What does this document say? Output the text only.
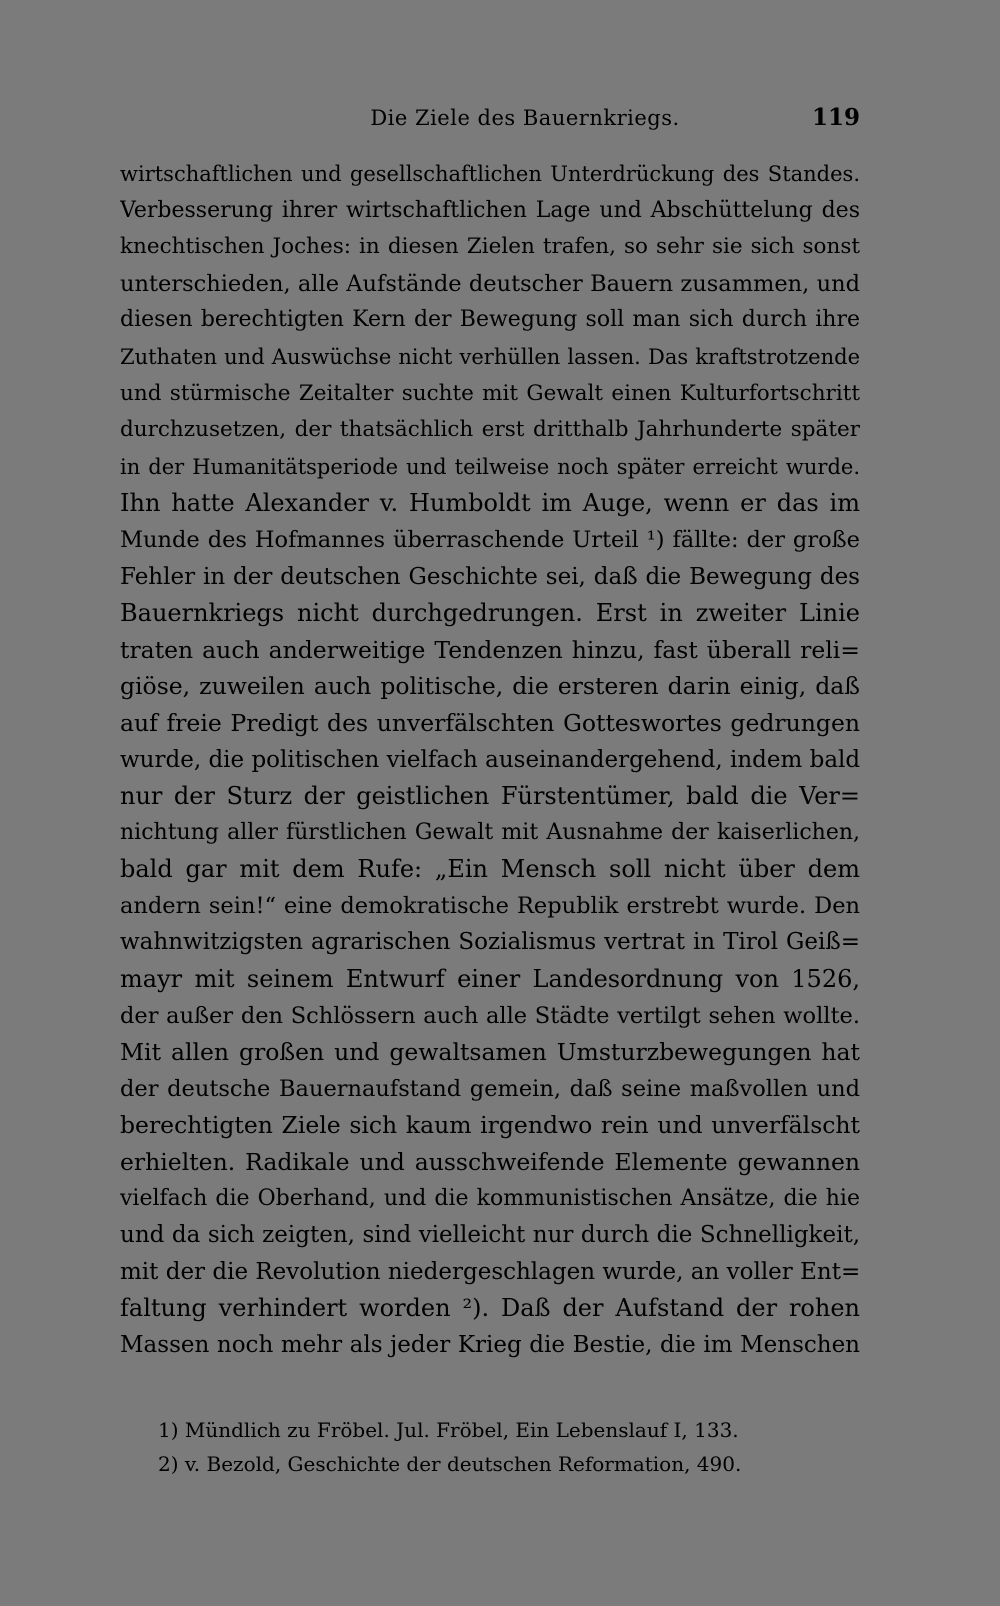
Die Ziele des Bauernkriegs.	119
wirtschaftlichen und gesellschaftlichen Unterdrückung des Standes.
Verbesserung ihrer wirtschaftlichen Lage und Abschüttelung des
knechtischen Joches: in diesen Zielen trafen, so sehr sie sich sonst
unterschieden, alle Aufstände deutscher Bauern zusammen, und
diesen berechtigten Kern der Bewegung soll man sich durch ihre
Zuthaten und Auswüchse nicht verhüllen lassen. Das kraftstrotzende
und stürmische Zeitalter suchte mit Gewalt einen Kulturfortschritt
durchzusetzen, der thatsächlich erst dritthalb Jahrhunderte später
in der Humanitätsperiode und teilweise noch später erreicht wurde.
Ihn hatte Alexander v. Humboldt im Auge, wenn er das im
Munde des Hofmannes überraschende Urteil ¹) fällte: der große
Fehler in der deutschen Geschichte sei, daß die Bewegung des
Bauernkriegs nicht durchgedrungen. Erst in zweiter Linie
traten auch anderweitige Tendenzen hinzu, fast überall reli=
giöse, zuweilen auch politische, die ersteren darin einig, daß
auf freie Predigt des unverfälschten Gotteswortes gedrungen
wurde, die politischen vielfach auseinandergehend, indem bald
nur der Sturz der geistlichen Fürstentümer, bald die Ver=
nichtung aller fürstlichen Gewalt mit Ausnahme der kaiserlichen,
bald gar mit dem Rufe: „Ein Mensch soll nicht über dem
andern sein!“ eine demokratische Republik erstrebt wurde. Den
wahnwitzigsten agrarischen Sozialismus vertrat in Tirol Geiß=
mayr mit seinem Entwurf einer Landesordnung von 1526,
der außer den Schlössern auch alle Städte vertilgt sehen wollte.
Mit allen großen und gewaltsamen Umsturzbewegungen hat
der deutsche Bauernaufstand gemein, daß seine maßvollen und
berechtigten Ziele sich kaum irgendwo rein und unverfälscht
erhielten. Radikale und ausschweifende Elemente gewannen
vielfach die Oberhand, und die kommunistischen Ansätze, die hie
und da sich zeigten, sind vielleicht nur durch die Schnelligkeit,
mit der die Revolution niedergeschlagen wurde, an voller Ent=
faltung verhindert worden ²). Daß der Aufstand der rohen
Massen noch mehr als jeder Krieg die Bestie, die im Menschen
1) Mündlich zu Fröbel. Jul. Fröbel, Ein Lebenslauf I, 133.
2) v. Bezold, Geschichte der deutschen Reformation, 490.
